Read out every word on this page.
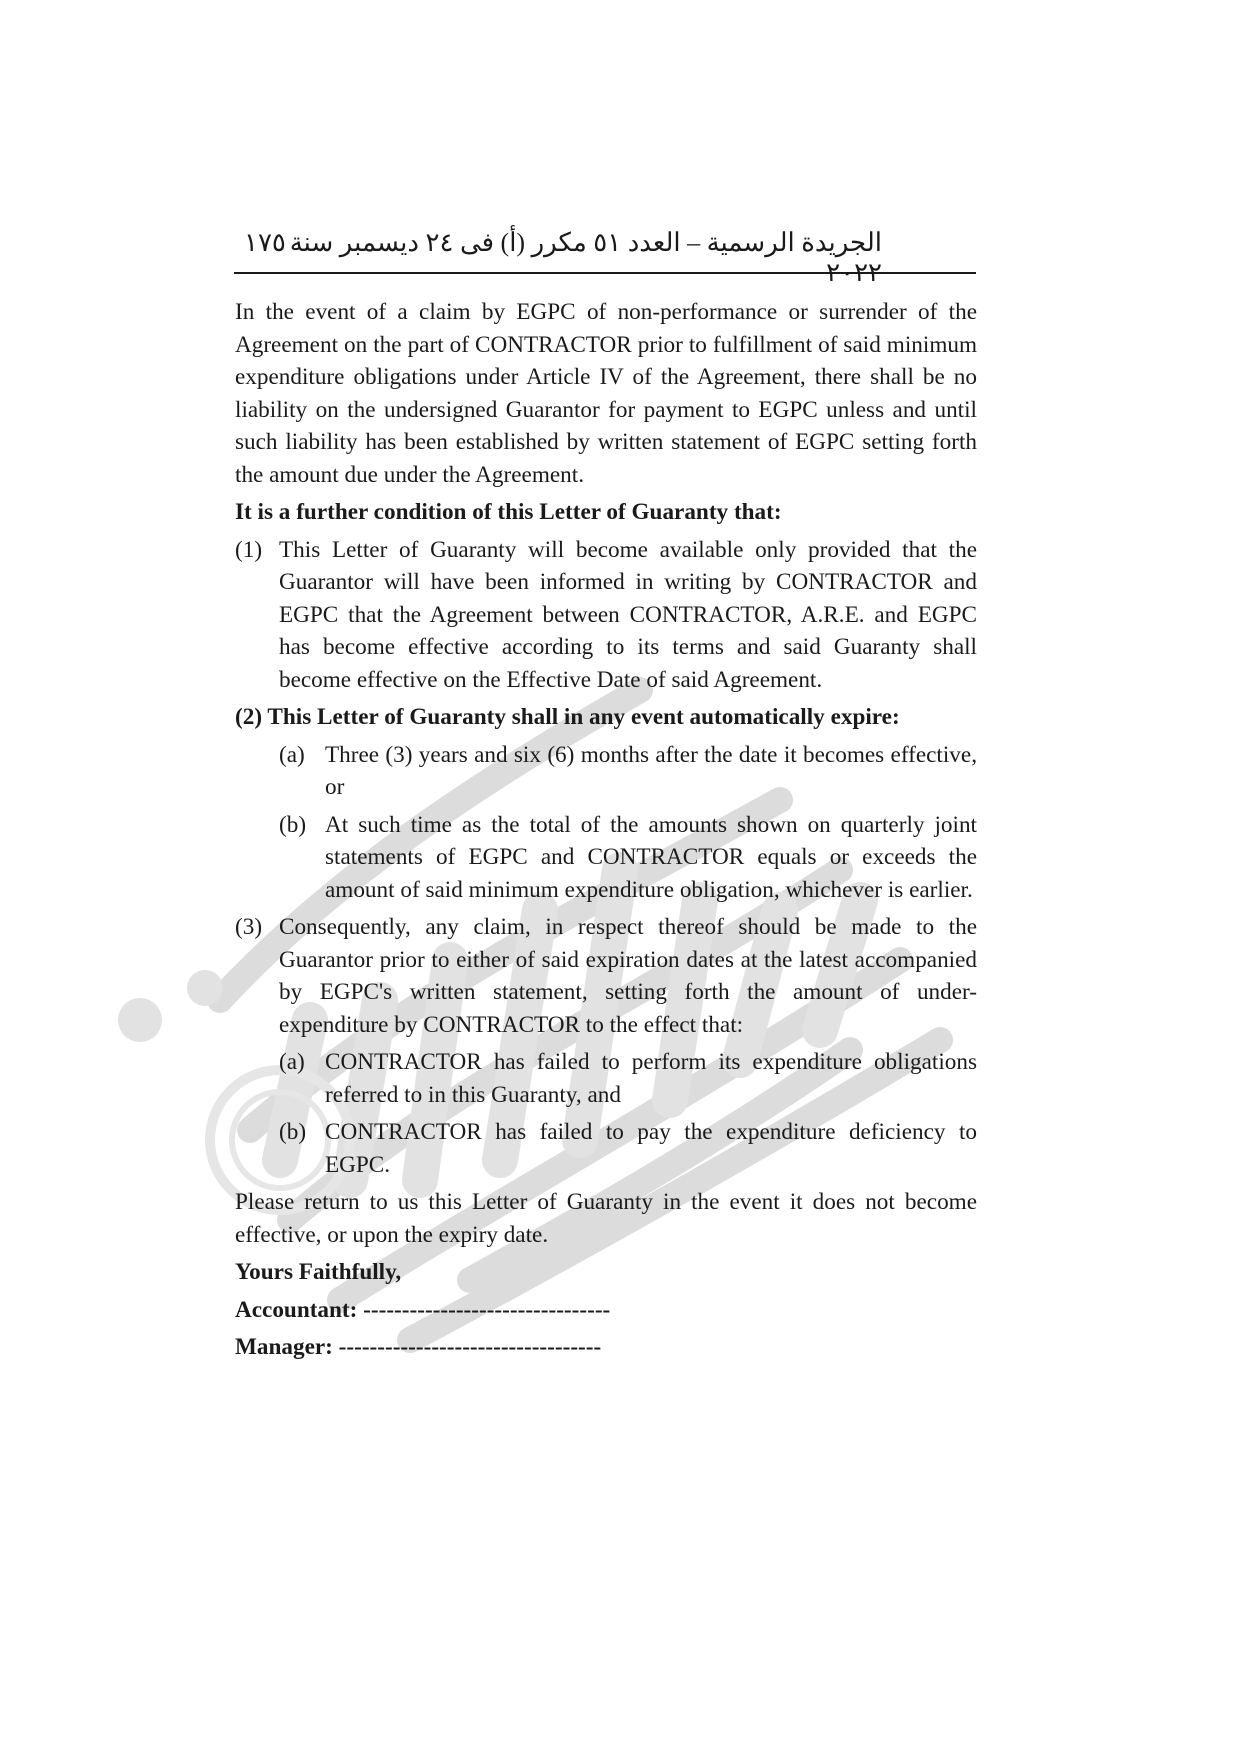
١٧٥ الجريدة الرسمية – العدد ٥١ مكرر (أ) فى ٢٤ ديسمبر سنة ٢٠٢٢

In the event of a claim by EGPC of non-performance or surrender of the Agreement on the part of CONTRACTOR prior to fulfillment of said minimum expenditure obligations under Article IV of the Agreement, there shall be no liability on the undersigned Guarantor for payment to EGPC unless and until such liability has been established by written statement of EGPC setting forth the amount due under the Agreement.

It is a further condition of this Letter of Guaranty that:

(1) This Letter of Guaranty will become available only provided that the Guarantor will have been informed in writing by CONTRACTOR and EGPC that the Agreement between CONTRACTOR, A.R.E. and EGPC has become effective according to its terms and said Guaranty shall become effective on the Effective Date of said Agreement.

(2) This Letter of Guaranty shall in any event automatically expire:

(a) Three (3) years and six (6) months after the date it becomes effective, or

(b) At such time as the total of the amounts shown on quarterly joint statements of EGPC and CONTRACTOR equals or exceeds the amount of said minimum expenditure obligation, whichever is earlier.

(3) Consequently, any claim, in respect thereof should be made to the Guarantor prior to either of said expiration dates at the latest accompanied by EGPC's written statement, setting forth the amount of under-expenditure by CONTRACTOR to the effect that:

(a) CONTRACTOR has failed to perform its expenditure obligations referred to in this Guaranty, and

(b) CONTRACTOR has failed to pay the expenditure deficiency to EGPC.

Please return to us this Letter of Guaranty in the event it does not become effective, or upon the expiry date.

Yours Faithfully,

Accountant: --------------------------------

Manager: ----------------------------------
